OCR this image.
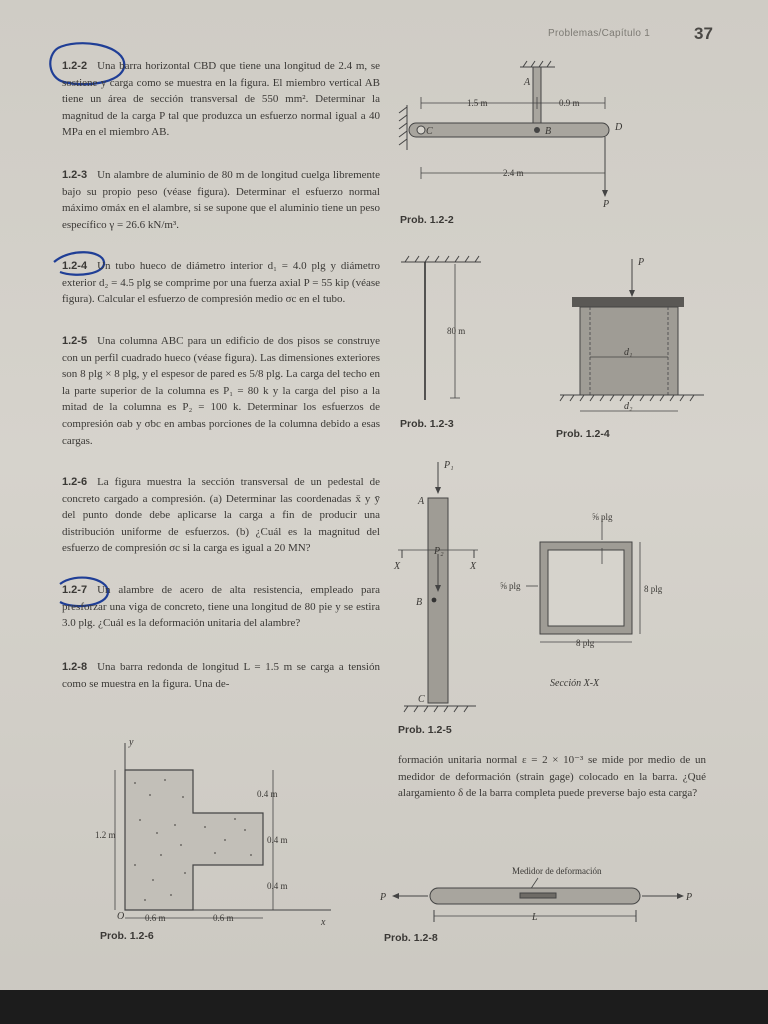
Problemas/Capítulo 1	37

1.2-2 Una barra horizontal CBD que tiene una longitud de 2.4 m, se sostiene y carga como se muestra en la figura. El miembro vertical AB tiene un área de sección transversal de 550 mm². Determinar la magnitud de la carga P tal que produzca un esfuerzo normal igual a 40 MPa en el miembro AB.

1.2-3 Un alambre de aluminio de 80 m de longitud cuelga libremente bajo su propio peso (véase figura). Determinar el esfuerzo normal máximo σmáx en el alambre, si se supone que el aluminio tiene un peso específico γ = 26.6 kN/m³.

1.2-4 Un tubo hueco de diámetro interior d₁ = 4.0 plg y diámetro exterior d₂ = 4.5 plg se comprime por una fuerza axial P = 55 kip (véase figura). Calcular el esfuerzo de compresión medio σc en el tubo.

1.2-5 Una columna ABC para un edificio de dos pisos se construye con un perfil cuadrado hueco (véase figura). Las dimensiones exteriores son 8 plg × 8 plg, y el espesor de pared es 5/8 plg. La carga del techo en la parte superior de la columna es P₁ = 80 k y la carga del piso a la mitad de la columna es P₂ = 100 k. Determinar los esfuerzos de compresión σab y σbc en ambas porciones de la columna debido a esas cargas.

1.2-6 La figura muestra la sección transversal de un pedestal de concreto cargado a compresión. (a) Determinar las coordenadas x̄ y ȳ del punto donde debe aplicarse la carga a fin de producir una distribución uniforme de esfuerzos. (b) ¿Cuál es la magnitud del esfuerzo de compresión σc si la carga es igual a 20 MN?

1.2-7 Un alambre de acero de alta resistencia, empleado para presforzar una viga de concreto, tiene una longitud de 80 pie y se estira 3.0 plg. ¿Cuál es la deformación unitaria del alambre?

1.2-8 Una barra redonda de longitud L = 1.5 m se carga a tensión como se muestra en la figura. Una de-

formación unitaria normal ε = 2 × 10⁻³ se mide por medio de un medidor de deformación (strain gage) colocado en la barra. ¿Qué alargamiento δ de la barra completa puede preverse bajo esta carga?
A
B
C	D
P
1.5 m	0.9 m
2.4 m
Prob. 1.2-2
80 m
Prob. 1.2-3
P
d₁
d₂
Prob. 1.2-4
P₁
P₂
A
B
C
X	X
Prob. 1.2-5
⅝ plg
⅝ plg	8 plg
8 plg
Sección X-X
y
x
O
1.2 m
0.4 m
0.4 m
0.4 m
0.6 m	0.6 m
Prob. 1.2-6
Medidor de deformación
P	P
L
Prob. 1.2-8
